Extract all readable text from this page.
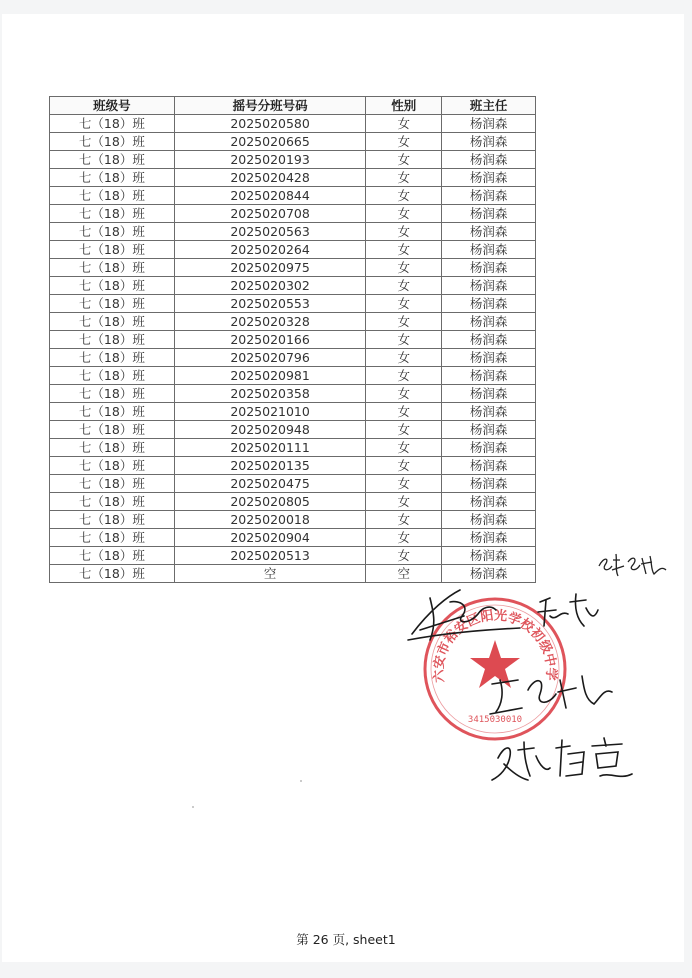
班级号	摇号分班号码	性别	班主任
七（18）班	2025020580	女	杨润森
七（18）班	2025020665	女	杨润森
七（18）班	2025020193	女	杨润森
七（18）班	2025020428	女	杨润森
七（18）班	2025020844	女	杨润森
七（18）班	2025020708	女	杨润森
七（18）班	2025020563	女	杨润森
七（18）班	2025020264	女	杨润森
七（18）班	2025020975	女	杨润森
七（18）班	2025020302	女	杨润森
七（18）班	2025020553	女	杨润森
七（18）班	2025020328	女	杨润森
七（18）班	2025020166	女	杨润森
七（18）班	2025020796	女	杨润森
七（18）班	2025020981	女	杨润森
七（18）班	2025020358	女	杨润森
七（18）班	2025021010	女	杨润森
七（18）班	2025020948	女	杨润森
七（18）班	2025020111	女	杨润森
七（18）班	2025020135	女	杨润森
七（18）班	2025020475	女	杨润森
七（18）班	2025020805	女	杨润森
七（18）班	2025020018	女	杨润森
七（18）班	2025020904	女	杨润森
七（18）班	2025020513	女	杨润森
七（18）班	空	空	杨润森
六安市裕安区阳光学校初级中学
3415030010
第 26 页, sheet1
